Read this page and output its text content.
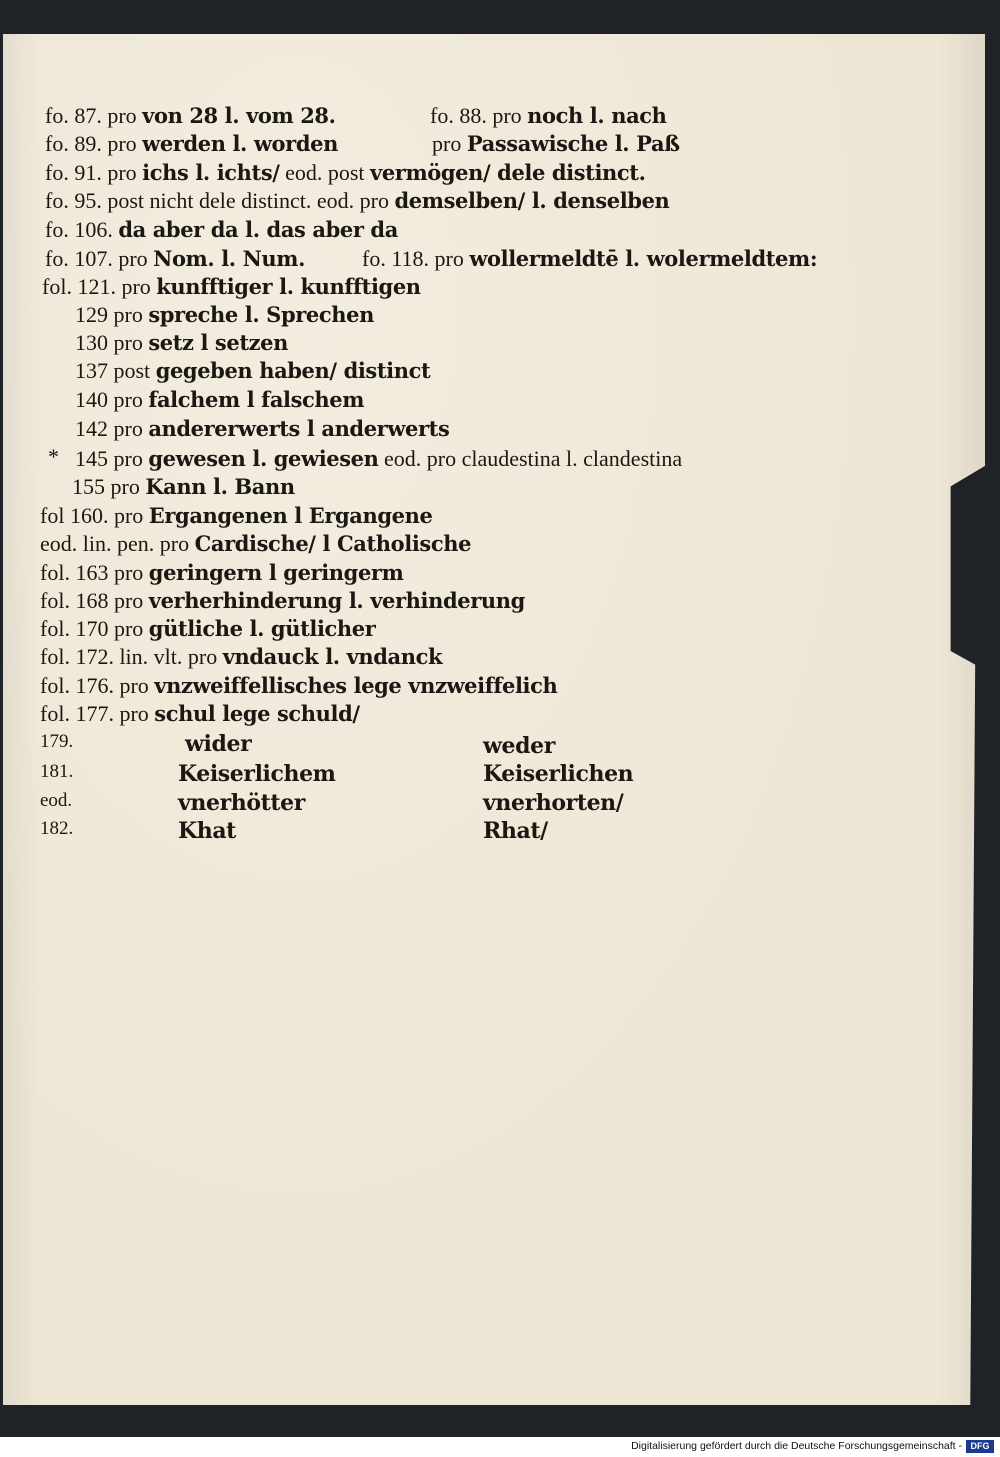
fo. 87. pro von 28 l. vom 28.	fo. 88. pro noch l. nach
fo. 89. pro werden l. worden	pro Passawische l. Paß
fo. 91. pro ichs l. ichts/ eod. post vermögen/ dele distinct.
fo. 95. post nicht dele distinct. eod. pro demselben/ l. denselben
fo. 106. da aber da l. das aber da
fo. 107. pro Nom. l. Num.	fo. 118. pro wollermeldtē l. wolermeldtem:
fol. 121. pro kunfftiger l. kunfftigen
129 pro spreche l. Sprechen
130 pro setz l setzen
137 post gegeben haben/ distinct
140 pro falchem l falschem
142 pro andererwerts l anderwerts
* 145 pro gewesen l. gewiesen eod. pro claudestina l. clandestina
155 pro Kann l. Bann
fol 160. pro Ergangenen l Ergangene
eod. lin. pen. pro Cardische/ l Catholische
fol. 163 pro geringern l geringerm
fol. 168 pro verherhinderung l. verhinderung
fol. 170 pro gütliche l. gütlicher
fol. 172. lin. vlt. pro vndauck l. vndanck
fol. 176. pro vnzweiffellisches lege vnzweiffelich
fol. 177. pro schul lege schuld/
179.	wider	weder
181.	Keiserlichem	Keiserlichen
eod.	vnerhötter	vnerhorten/
182.	Khat	Rhat/
Digitalisierung gefördert durch die Deutsche Forschungsgemeinschaft - DFG
